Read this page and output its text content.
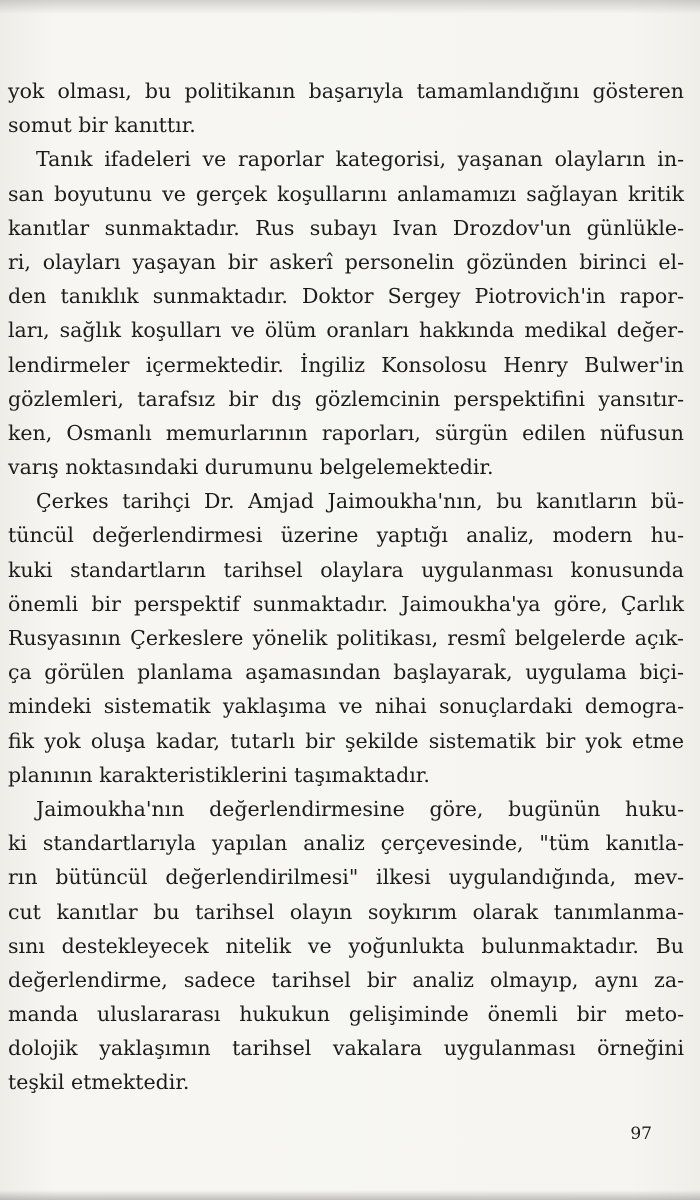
yok olması, bu politikanın başarıyla tamamlandığını gösteren
somut bir kanıttır.
Tanık ifadeleri ve raporlar kategorisi, yaşanan olayların in-
san boyutunu ve gerçek koşullarını anlamamızı sağlayan kritik
kanıtlar sunmaktadır. Rus subayı Ivan Drozdov'un günlükle-
ri, olayları yaşayan bir askerî personelin gözünden birinci el-
den tanıklık sunmaktadır. Doktor Sergey Piotrovich'in rapor-
ları, sağlık koşulları ve ölüm oranları hakkında medikal değer-
lendirmeler içermektedir. İngiliz Konsolosu Henry Bulwer'in
gözlemleri, tarafsız bir dış gözlemcinin perspektifini yansıtır-
ken, Osmanlı memurlarının raporları, sürgün edilen nüfusun
varış noktasındaki durumunu belgelemektedir.
Çerkes tarihçi Dr. Amjad Jaimoukha'nın, bu kanıtların bü-
tüncül değerlendirmesi üzerine yaptığı analiz, modern hu-
kuki standartların tarihsel olaylara uygulanması konusunda
önemli bir perspektif sunmaktadır. Jaimoukha'ya göre, Çarlık
Rusyasının Çerkeslere yönelik politikası, resmî belgelerde açık-
ça görülen planlama aşamasından başlayarak, uygulama biçi-
mindeki sistematik yaklaşıma ve nihai sonuçlardaki demogra-
fik yok oluşa kadar, tutarlı bir şekilde sistematik bir yok etme
planının karakteristiklerini taşımaktadır.
Jaimoukha'nın değerlendirmesine göre, bugünün huku-
ki standartlarıyla yapılan analiz çerçevesinde, "tüm kanıtla-
rın bütüncül değerlendirilmesi" ilkesi uygulandığında, mev-
cut kanıtlar bu tarihsel olayın soykırım olarak tanımlanma-
sını destekleyecek nitelik ve yoğunlukta bulunmaktadır. Bu
değerlendirme, sadece tarihsel bir analiz olmayıp, aynı za-
manda uluslararası hukukun gelişiminde önemli bir meto-
dolojik yaklaşımın tarihsel vakalara uygulanması örneğini
teşkil etmektedir.
97
